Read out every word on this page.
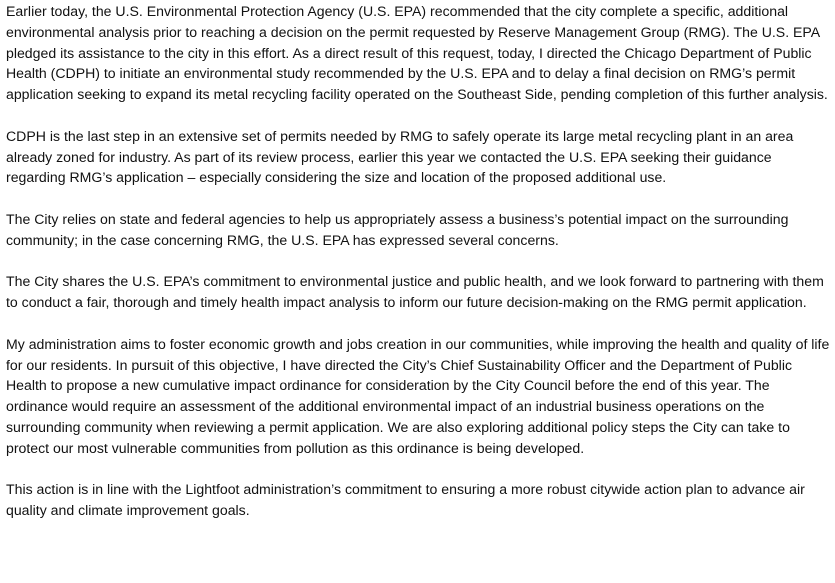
Earlier today, the U.S. Environmental Protection Agency (U.S. EPA) recommended that the city complete a specific, additional environmental analysis prior to reaching a decision on the permit requested by Reserve Management Group (RMG). The U.S. EPA pledged its assistance to the city in this effort. As a direct result of this request, today, I directed the Chicago Department of Public Health (CDPH) to initiate an environmental study recommended by the U.S. EPA and to delay a final decision on RMG’s permit application seeking to expand its metal recycling facility operated on the Southeast Side, pending completion of this further analysis.

CDPH is the last step in an extensive set of permits needed by RMG to safely operate its large metal recycling plant in an area already zoned for industry. As part of its review process, earlier this year we contacted the U.S. EPA seeking their guidance regarding RMG’s application – especially considering the size and location of the proposed additional use.

The City relies on state and federal agencies to help us appropriately assess a business’s potential impact on the surrounding community; in the case concerning RMG, the U.S. EPA has expressed several concerns.

The City shares the U.S. EPA’s commitment to environmental justice and public health, and we look forward to partnering with them to conduct a fair, thorough and timely health impact analysis to inform our future decision-making on the RMG permit application.

My administration aims to foster economic growth and jobs creation in our communities, while improving the health and quality of life for our residents. In pursuit of this objective, I have directed the City’s Chief Sustainability Officer and the Department of Public Health to propose a new cumulative impact ordinance for consideration by the City Council before the end of this year. The ordinance would require an assessment of the additional environmental impact of an industrial business operations on the surrounding community when reviewing a permit application. We are also exploring additional policy steps the City can take to protect our most vulnerable communities from pollution as this ordinance is being developed.

This action is in line with the Lightfoot administration’s commitment to ensuring a more robust citywide action plan to advance air quality and climate improvement goals.
